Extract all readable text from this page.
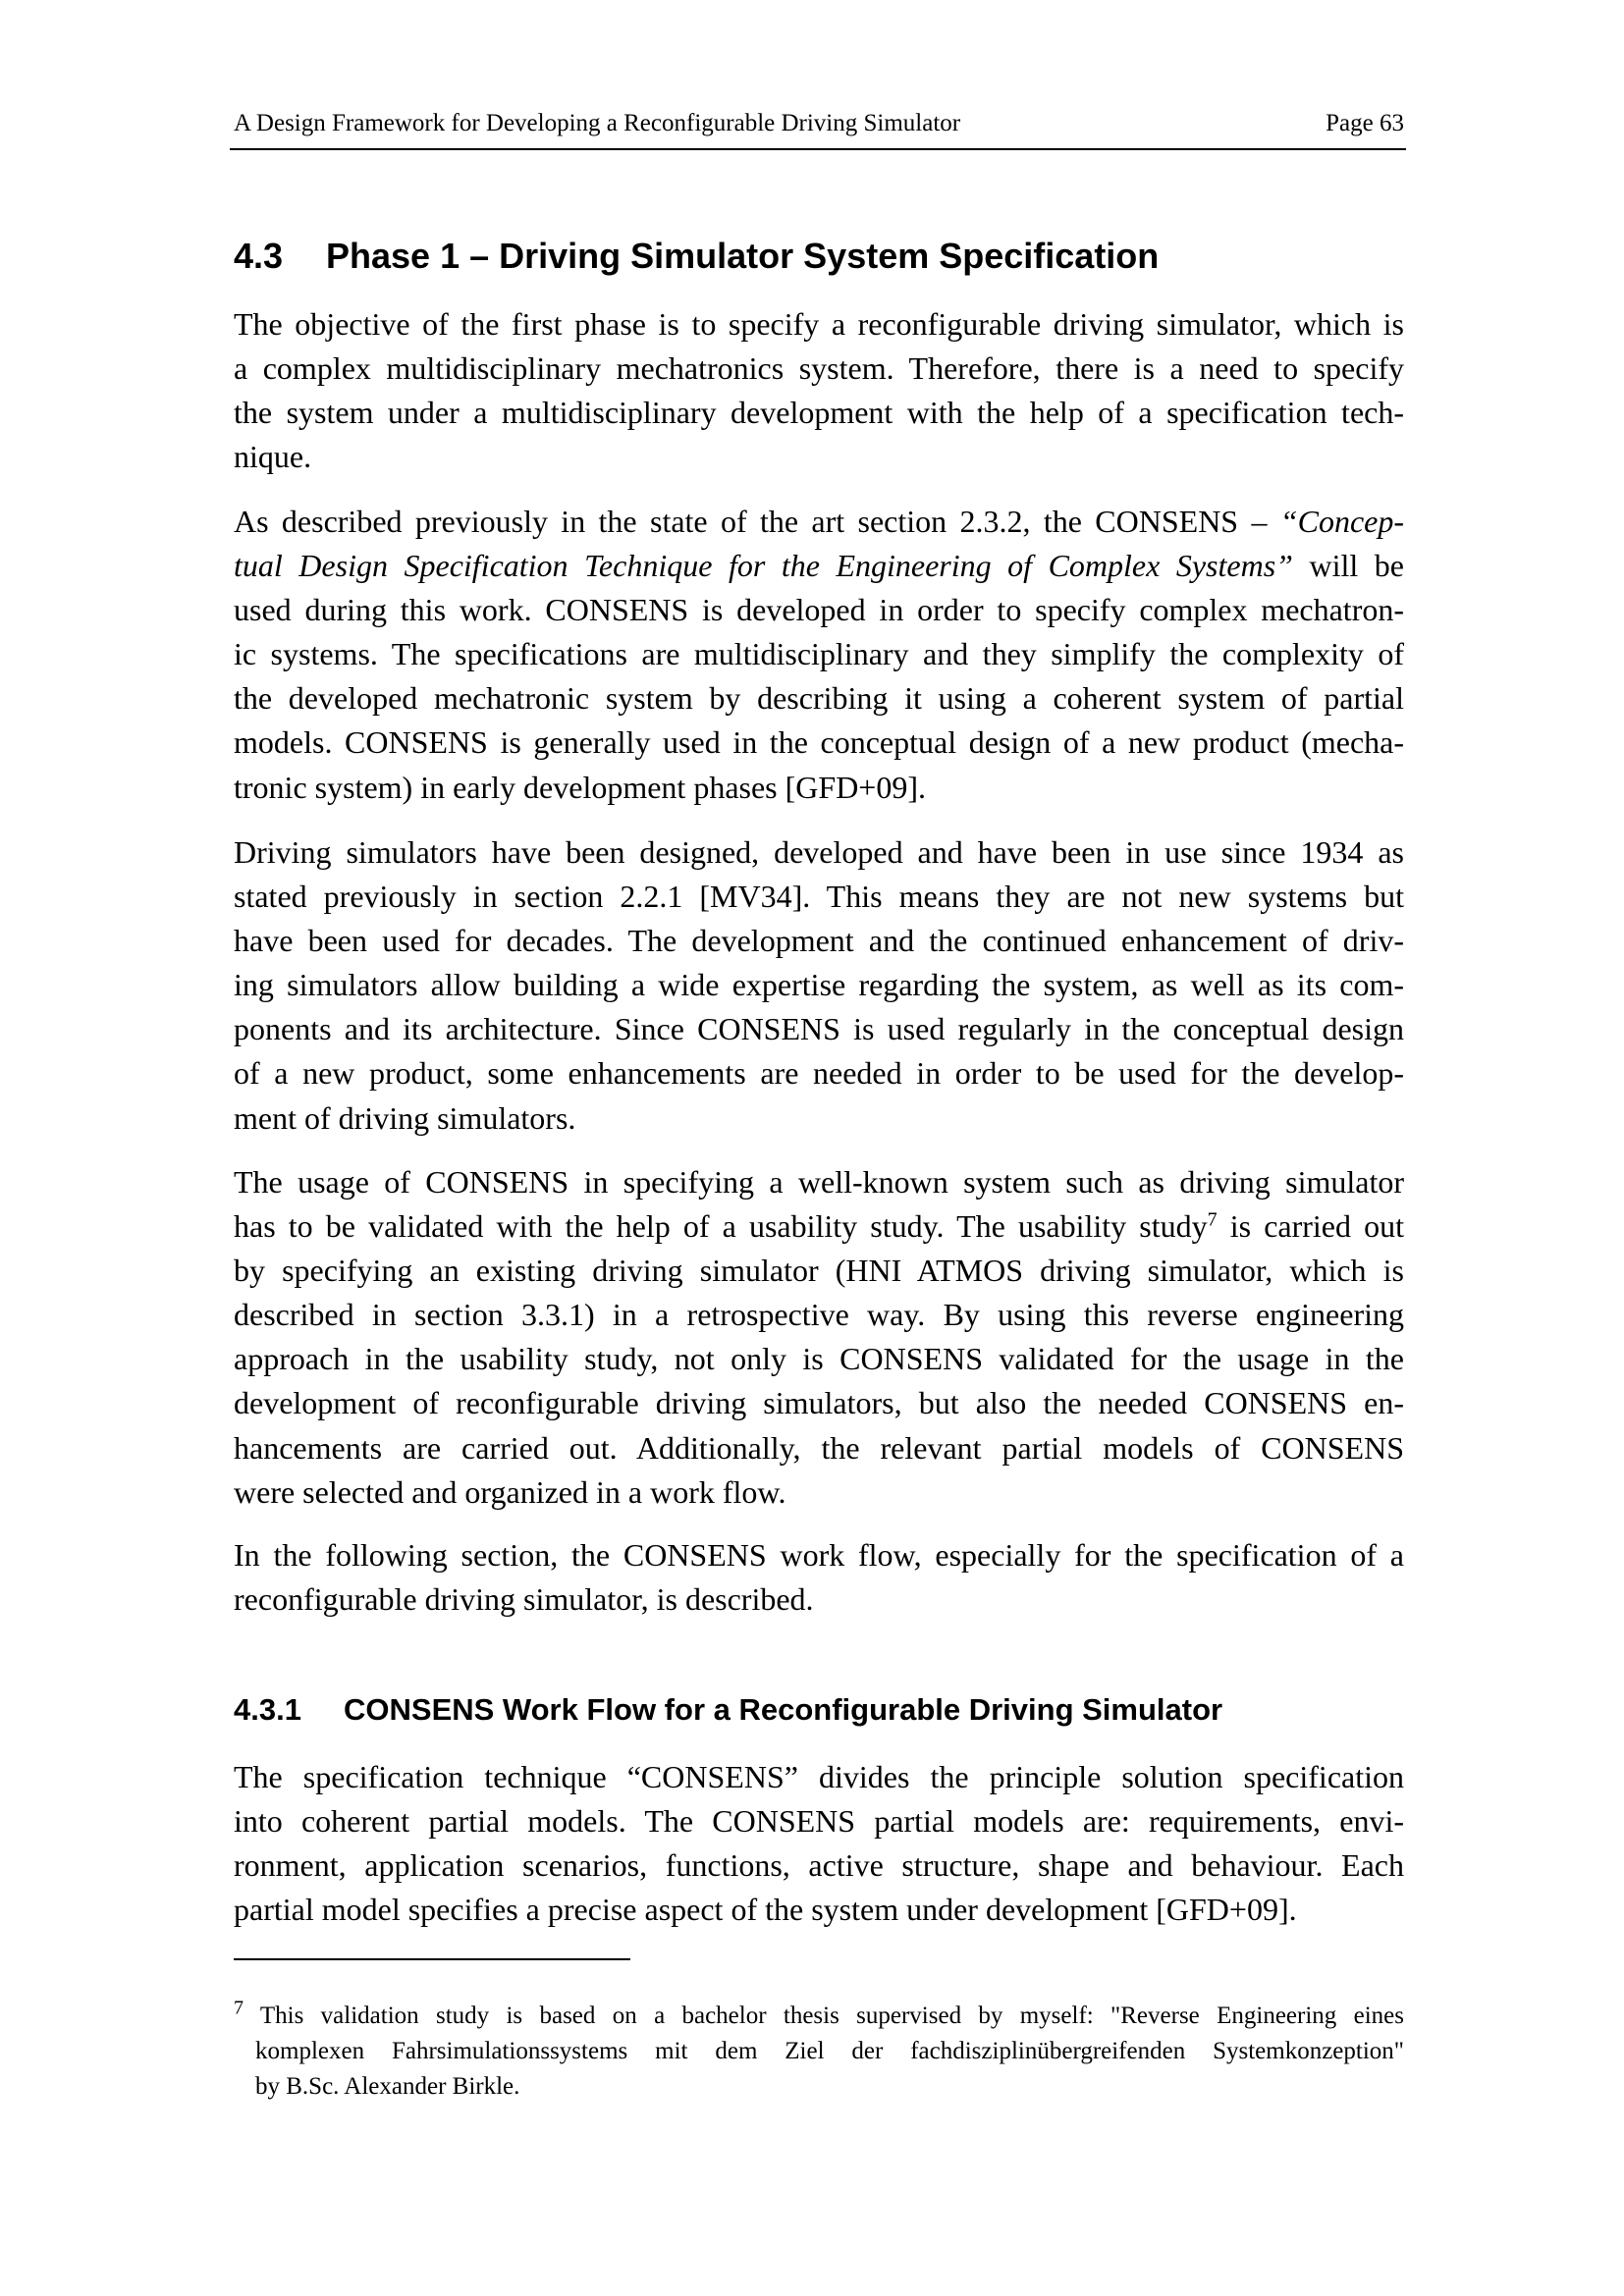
A Design Framework for Developing a Reconfigurable Driving Simulator	Page 63
4.3 Phase 1 – Driving Simulator System Specification
The objective of the first phase is to specify a reconfigurable driving simulator, which is
a complex multidisciplinary mechatronics system. Therefore, there is a need to specify
the system under a multidisciplinary development with the help of a specification tech-
nique.
As described previously in the state of the art section 2.3.2, the CONSENS – “Concep-
tual Design Specification Technique for the Engineering of Complex Systems” will be
used during this work. CONSENS is developed in order to specify complex mechatron-
ic systems. The specifications are multidisciplinary and they simplify the complexity of
the developed mechatronic system by describing it using a coherent system of partial
models. CONSENS is generally used in the conceptual design of a new product (mecha-
tronic system) in early development phases [GFD+09].
Driving simulators have been designed, developed and have been in use since 1934 as
stated previously in section 2.2.1 [MV34]. This means they are not new systems but
have been used for decades. The development and the continued enhancement of driv-
ing simulators allow building a wide expertise regarding the system, as well as its com-
ponents and its architecture. Since CONSENS is used regularly in the conceptual design
of a new product, some enhancements are needed in order to be used for the develop-
ment of driving simulators.
The usage of CONSENS in specifying a well-known system such as driving simulator
has to be validated with the help of a usability study. The usability study$^7$ is carried out
by specifying an existing driving simulator (HNI ATMOS driving simulator, which is
described in section 3.3.1) in a retrospective way. By using this reverse engineering
approach in the usability study, not only is CONSENS validated for the usage in the
development of reconfigurable driving simulators, but also the needed CONSENS en-
hancements are carried out. Additionally, the relevant partial models of CONSENS
were selected and organized in a work flow.
In the following section, the CONSENS work flow, especially for the specification of a
reconfigurable driving simulator, is described.
4.3.1 CONSENS Work Flow for a Reconfigurable Driving Simulator
The specification technique “CONSENS” divides the principle solution specification
into coherent partial models. The CONSENS partial models are: requirements, envi-
ronment, application scenarios, functions, active structure, shape and behaviour. Each
partial model specifies a precise aspect of the system under development [GFD+09].
$^7$ This validation study is based on a bachelor thesis supervised by myself: "Reverse Engineering eines
komplexen Fahrsimulationssystems mit dem Ziel der fachdisziplinübergreifenden Systemkonzeption"
by B.Sc. Alexander Birkle.
